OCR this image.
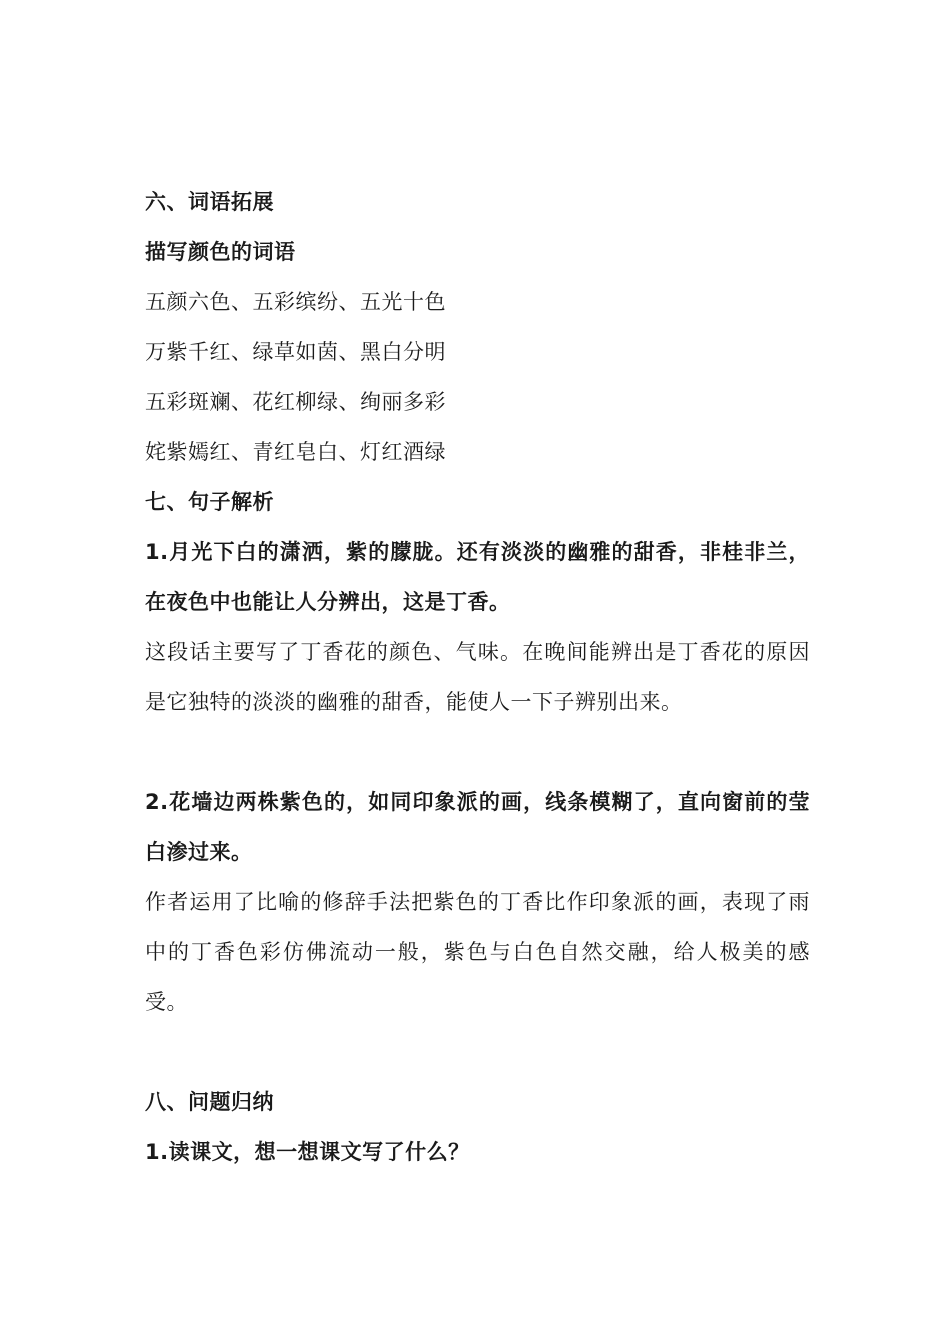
六、词语拓展
描写颜色的词语
五颜六色、五彩缤纷、五光十色
万紫千红、绿草如茵、黑白分明
五彩斑斓、花红柳绿、绚丽多彩
姹紫嫣红、青红皂白、灯红酒绿
七、句子解析
1.月光下白的潇洒，紫的朦胧。还有淡淡的幽雅的甜香，非桂非兰，在夜色中也能让人分辨出，这是丁香。
这段话主要写了丁香花的颜色、气味。在晚间能辨出是丁香花的原因是它独特的淡淡的幽雅的甜香，能使人一下子辨别出来。
2.花墙边两株紫色的，如同印象派的画，线条模糊了，直向窗前的莹白渗过来。
作者运用了比喻的修辞手法把紫色的丁香比作印象派的画，表现了雨中的丁香色彩仿佛流动一般，紫色与白色自然交融，给人极美的感受。
八、问题归纳
1.读课文，想一想课文写了什么？
